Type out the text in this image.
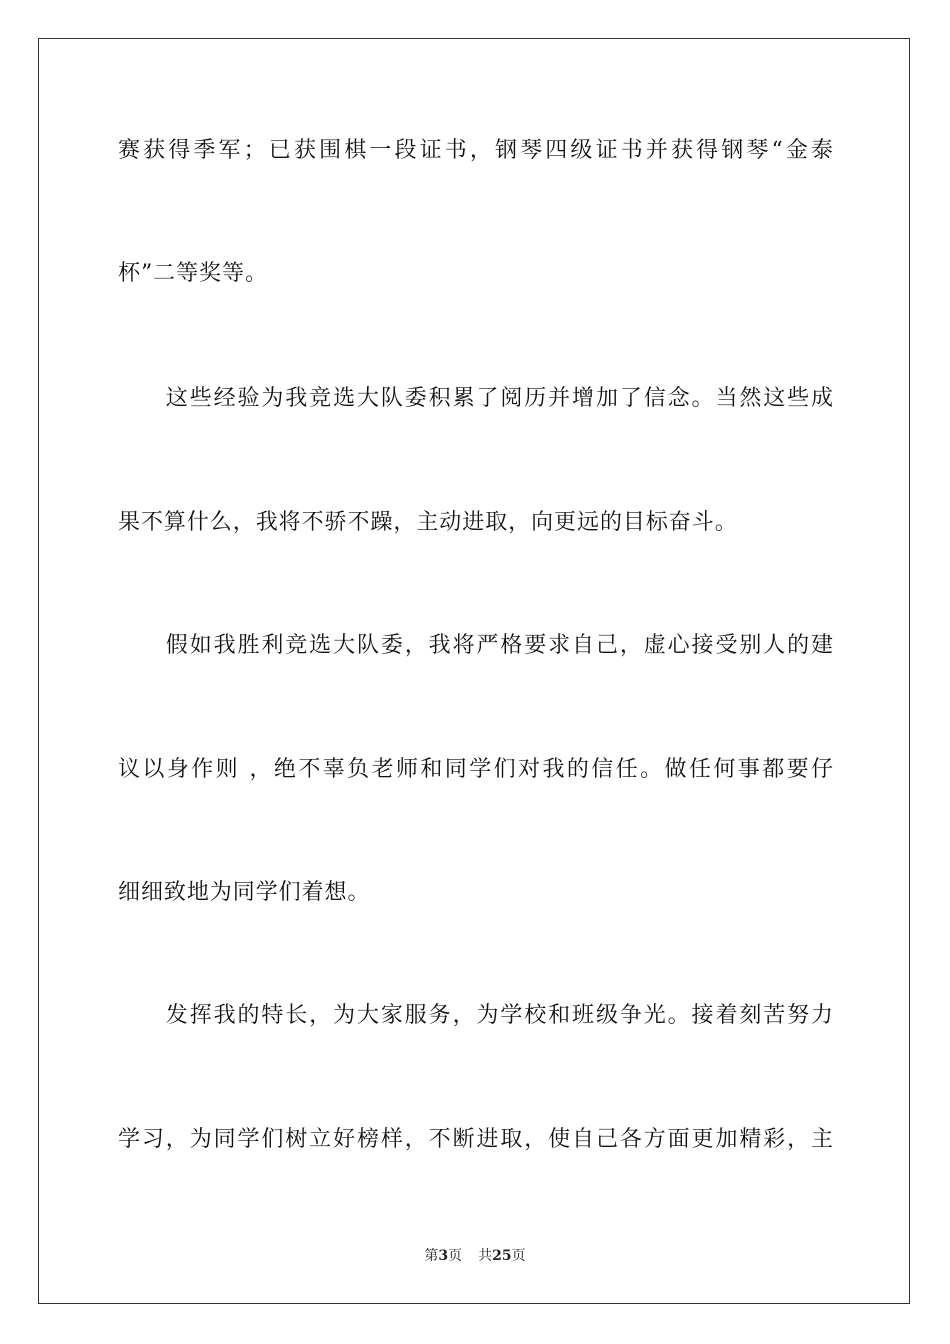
赛获得季军；已获围棋一段证书，钢琴四级证书并获得钢琴“金泰
杯”二等奖等。
　　这些经验为我竞选大队委积累了阅历并增加了信念。当然这些成
果不算什么，我将不骄不躁，主动进取，向更远的目标奋斗。
　　假如我胜利竞选大队委，我将严格要求自己，虚心接受别人的建
议以身作则 ，绝不辜负老师和同学们对我的信任。做任何事都要仔
细细致地为同学们着想。
　　发挥我的特长，为大家服务，为学校和班级争光。接着刻苦努力
学习，为同学们树立好榜样，不断进取，使自己各方面更加精彩，主
第3页 共25页
